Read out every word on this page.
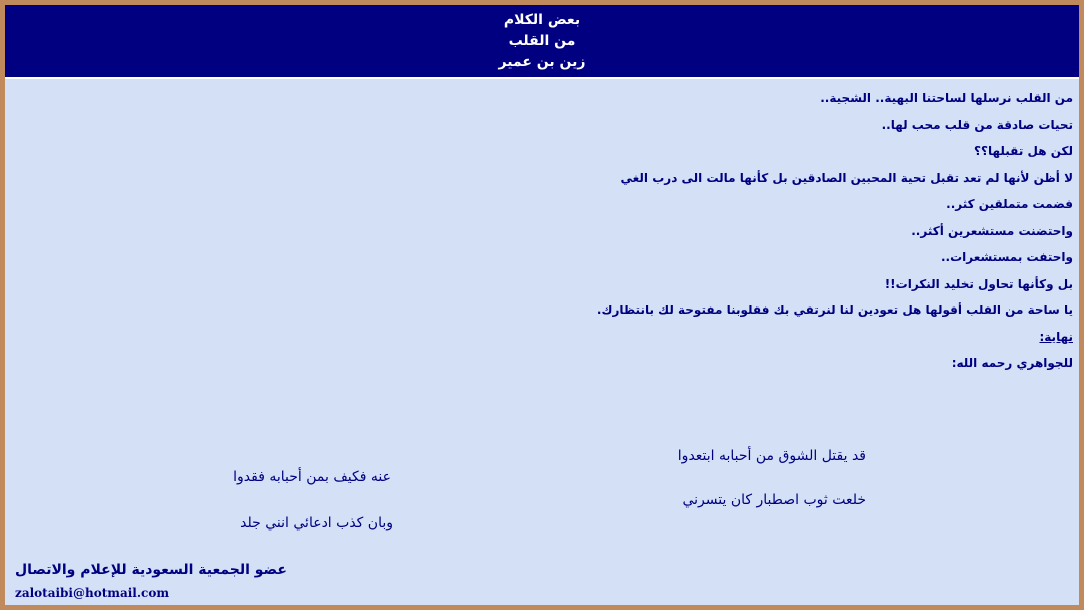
بعض الكلام
من القلب
زين بن عمير
من القلب نرسلها لساحتنا البهية.. الشجية..
تحيات صادقة من قلب محب لها..
لكن هل تقبلها؟؟
لا أظن لأنها لم تعد تقبل تحية المحبين الصادقين بل كأنها مالت الى درب الغي
فضمت متملقين كثر..
واحتضنت مستشعرين أكثر..
واحتفت بمستشعرات..
بل وكأنها تحاول تخليد النكرات!!
يا ساحة من القلب أقولها هل تعودين لنا لنرتقي بك فقلوبنا مفتوحة لك بانتظارك.
نهاية:
للجواهري رحمه الله:
قد يقتل الشوق من أحبابه ابتعدوا
عنه فكيف بمن أحبابه فقدوا
خلعت ثوب اصطبار كان يتسرني
وبان كذب ادعائي انني جلد
عضو الجمعية السعودية للإعلام والاتصال
zalotaibi@hotmail.com
